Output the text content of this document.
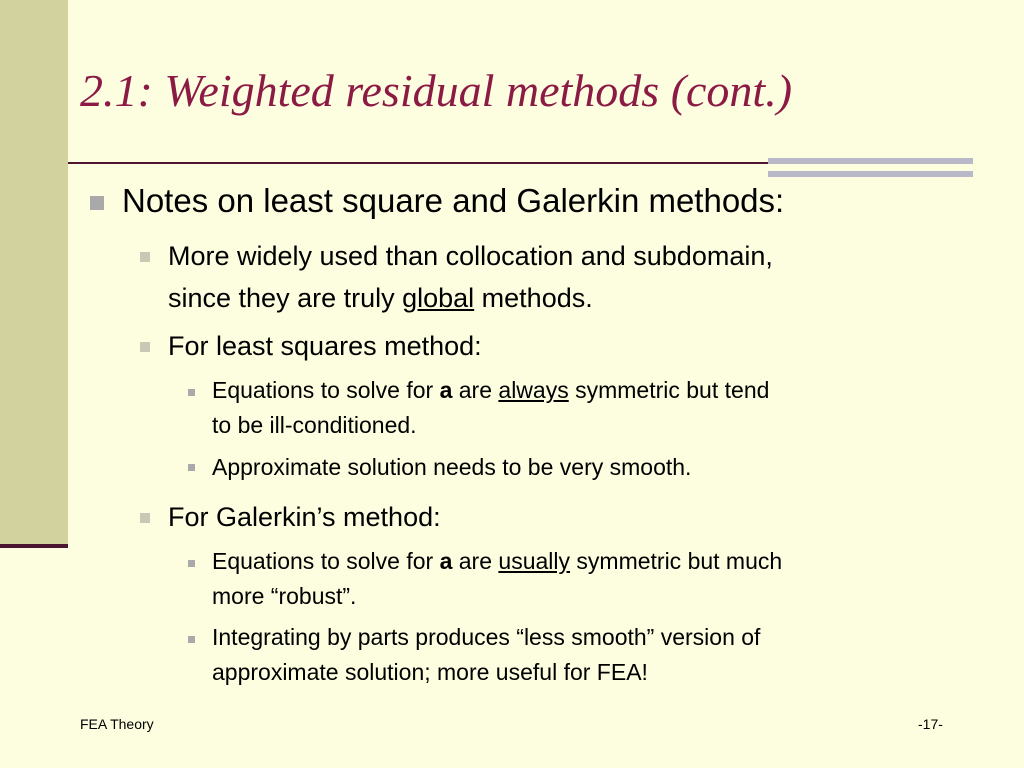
2.1: Weighted residual methods (cont.)
Notes on least square and Galerkin methods:
More widely used than collocation and subdomain,
since they are truly global methods.
For least squares method:
Equations to solve for a are always symmetric but tend
to be ill-conditioned.
Approximate solution needs to be very smooth.
For Galerkin’s method:
Equations to solve for a are usually symmetric but much
more “robust”.
Integrating by parts produces “less smooth” version of
approximate solution; more useful for FEA!
FEA Theory	-17-
